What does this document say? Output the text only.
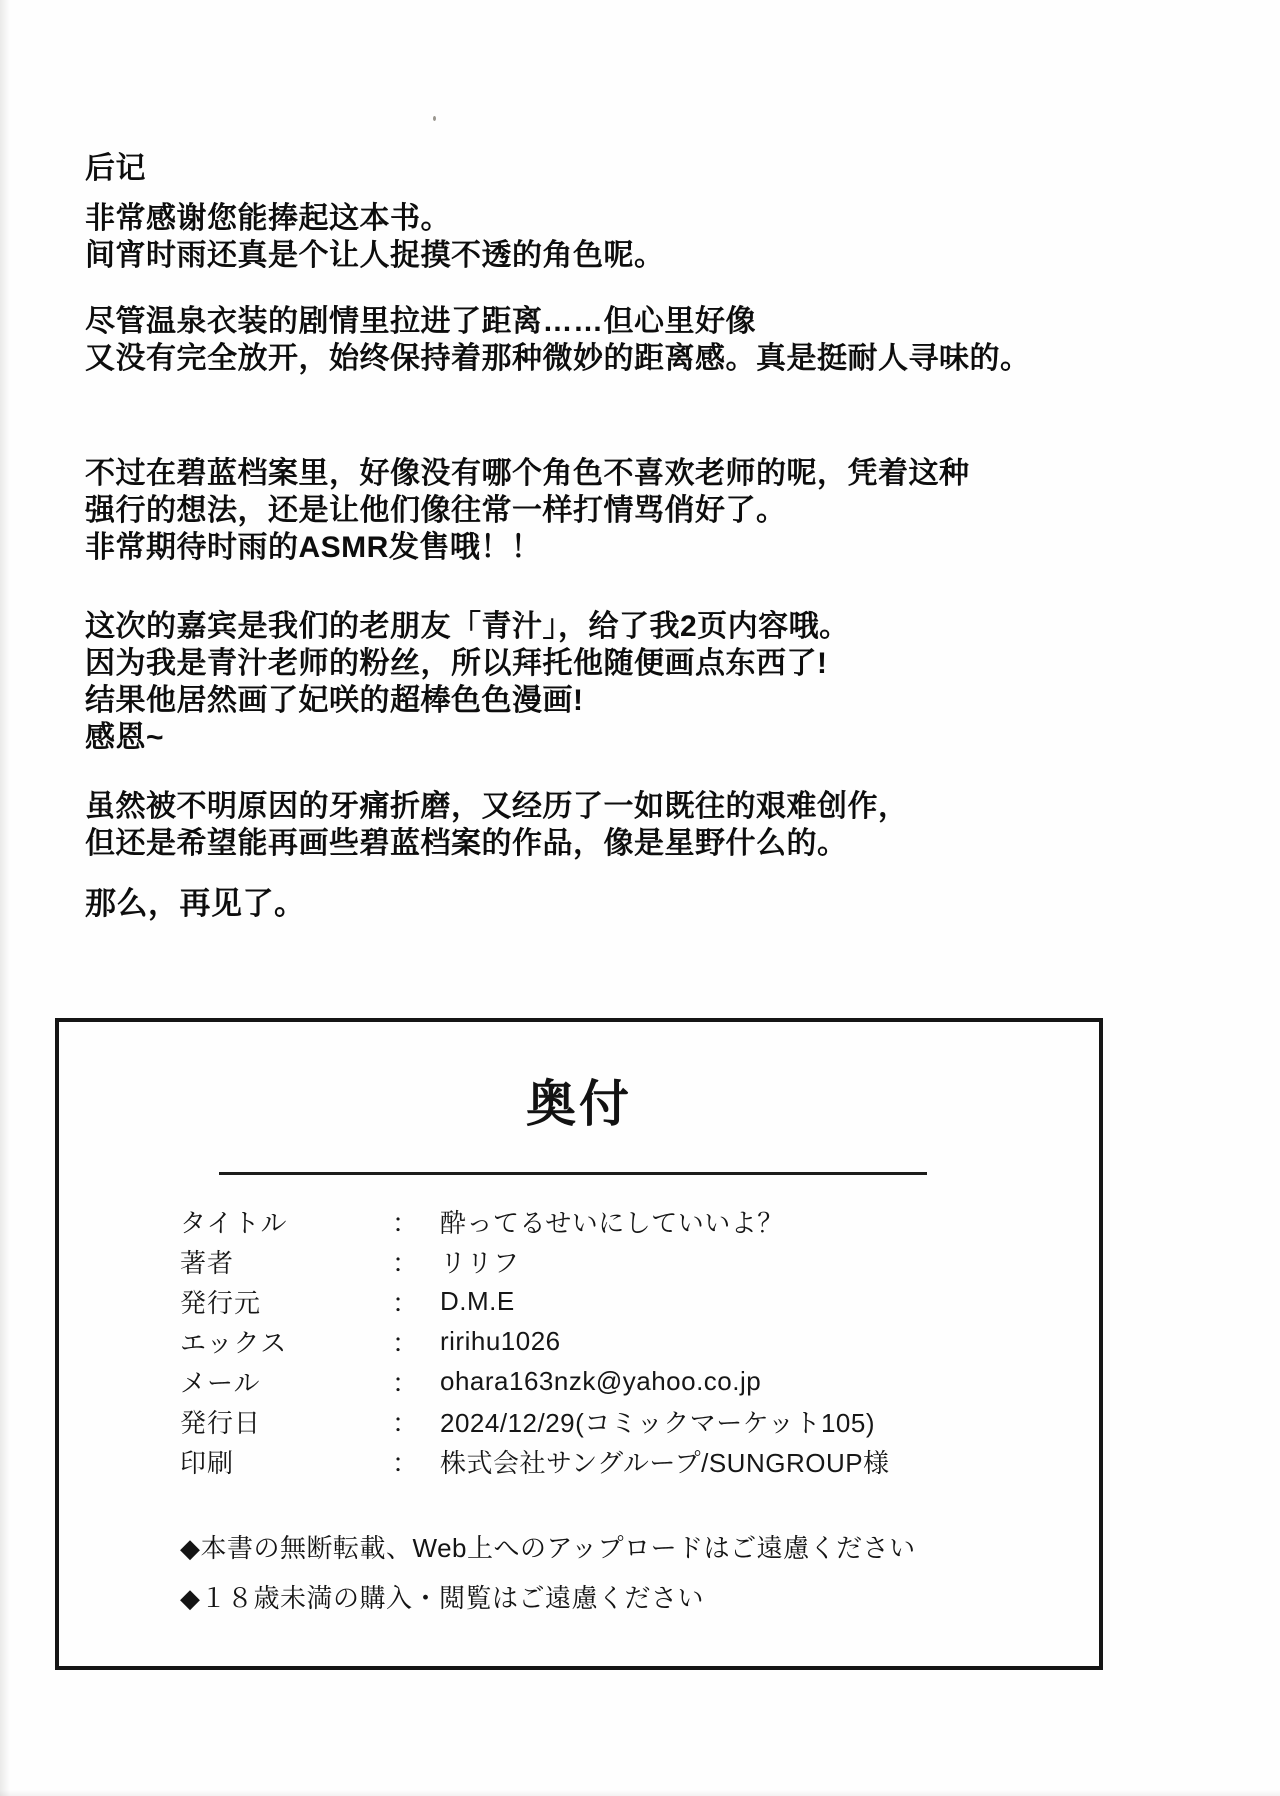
后记
非常感谢您能捧起这本书。
间宵时雨还真是个让人捉摸不透的角色呢。
尽管温泉衣装的剧情里拉进了距离……但心里好像
又没有完全放开，始终保持着那种微妙的距离感。真是挺耐人寻味的。
不过在碧蓝档案里，好像没有哪个角色不喜欢老师的呢，凭着这种
强行的想法，还是让他们像往常一样打情骂俏好了。
非常期待时雨的ASMR发售哦！！
这次的嘉宾是我们的老朋友「青汁」，给了我2页内容哦。
因为我是青汁老师的粉丝，所以拜托他随便画点东西了!
结果他居然画了妃咲的超棒色色漫画!
感恩~
虽然被不明原因的牙痛折磨，又经历了一如既往的艰难创作，
但还是希望能再画些碧蓝档案的作品，像是星野什么的。
那么，再见了。
奥付
タイトル	： 酔ってるせいにしていいよ？
著者	： リリフ
発行元	： D.M.E
エックス	： ririhu1026
メール	： ohara163nzk@yahoo.co.jp
発行日	： 2024/12/29(コミックマーケット105)
印刷	： 株式会社サングループ/SUNGROUP様
◆本書の無断転載、Web上へのアップロードはご遠慮ください
◆１８歳未満の購入・閲覧はご遠慮ください
